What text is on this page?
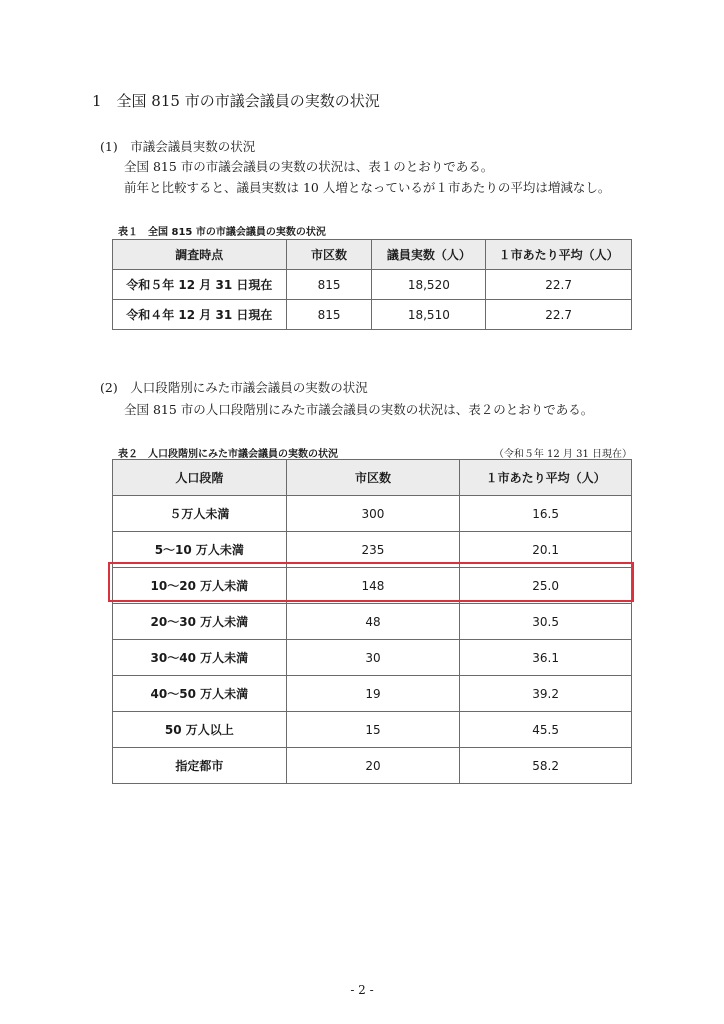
1　全国 815 市の市議会議員の実数の状況
(1)　市議会議員実数の状況
全国 815 市の市議会議員の実数の状況は、表１のとおりである。
前年と比較すると、議員実数は 10 人増となっているが１市あたりの平均は増減なし。
表１　全国 815 市の市議会議員の実数の状況
調査時点	市区数	議員実数（人）	１市あたり平均（人）
令和５年 12 月 31 日現在	815	18,520	22.7
令和４年 12 月 31 日現在	815	18,510	22.7
(2)　人口段階別にみた市議会議員の実数の状況
全国 815 市の人口段階別にみた市議会議員の実数の状況は、表２のとおりである。
表２　人口段階別にみた市議会議員の実数の状況	（令和５年 12 月 31 日現在）
人口段階	市区数	１市あたり平均（人）
５万人未満	300	16.5
5～10 万人未満	235	20.1
10～20 万人未満	148	25.0
20～30 万人未満	48	30.5
30～40 万人未満	30	36.1
40～50 万人未満	19	39.2
50 万人以上	15	45.5
指定都市	20	58.2
- 2 -
